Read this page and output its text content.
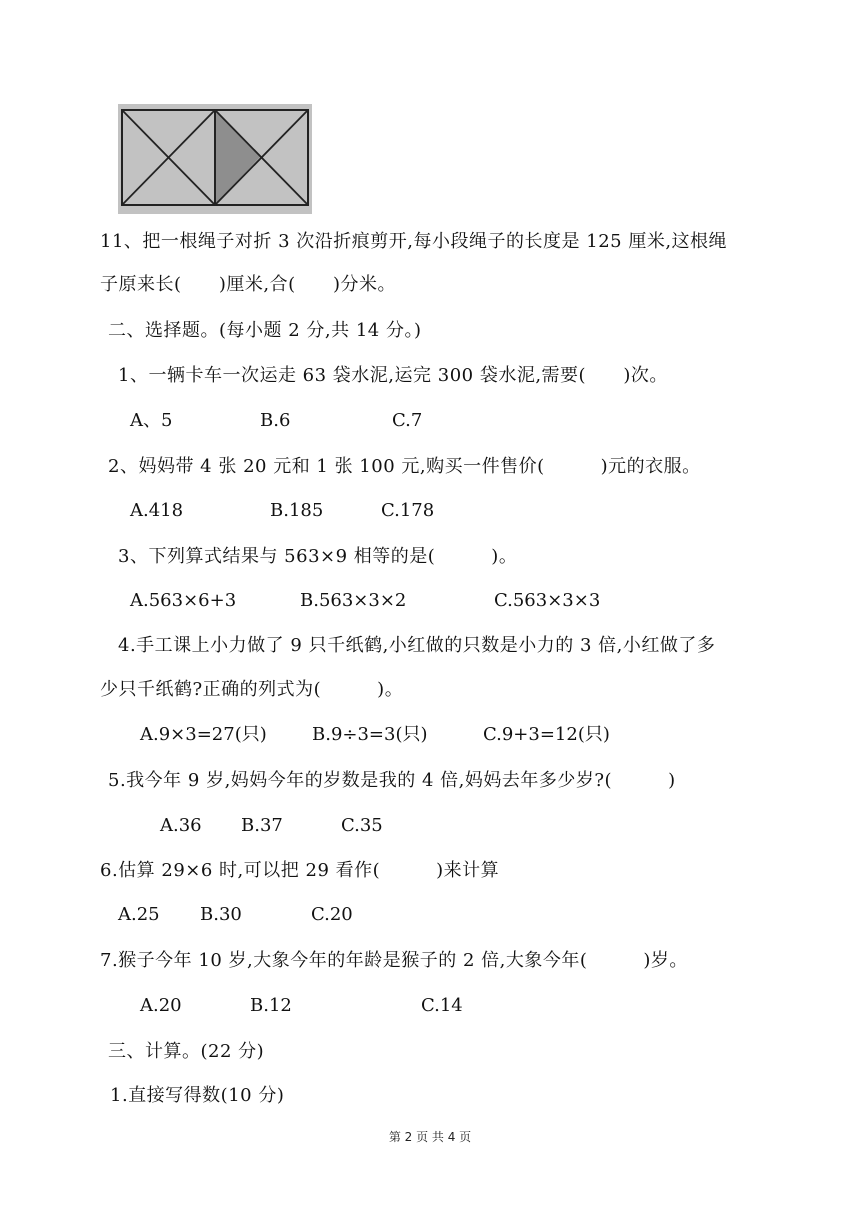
11、把一根绳子对折 3 次沿折痕剪开,每小段绳子的长度是 125 厘米,这根绳
子原来长(      )厘米,合(      )分米。
二、选择题。(每小题 2 分,共 14 分。)
1、一辆卡车一次运走 63 袋水泥,运完 300 袋水泥,需要(      )次。
A、5	B.6	C.7
2、妈妈带 4 张 20 元和 1 张 100 元,购买一件售价(         )元的衣服。
A.418	B.185	C.178
3、下列算式结果与 563×9 相等的是(         )。
A.563×6+3	B.563×3×2	C.563×3×3
4.手工课上小力做了 9 只千纸鹤,小红做的只数是小力的 3 倍,小红做了多
少只千纸鹤?正确的列式为(         )。
A.9×3=27(只)	B.9÷3=3(只)	C.9+3=12(只)
5.我今年 9 岁,妈妈今年的岁数是我的 4 倍,妈妈去年多少岁?(         )
A.36 B.37	C.35
6.估算 29×6 时,可以把 29 看作(         )来计算
A.25 B.30	C.20
7.猴子今年 10 岁,大象今年的年龄是猴子的 2 倍,大象今年(         )岁。
A.20	B.12	C.14
三、计算。(22 分)
1.直接写得数(10 分)
第 2 页 共 4 页
